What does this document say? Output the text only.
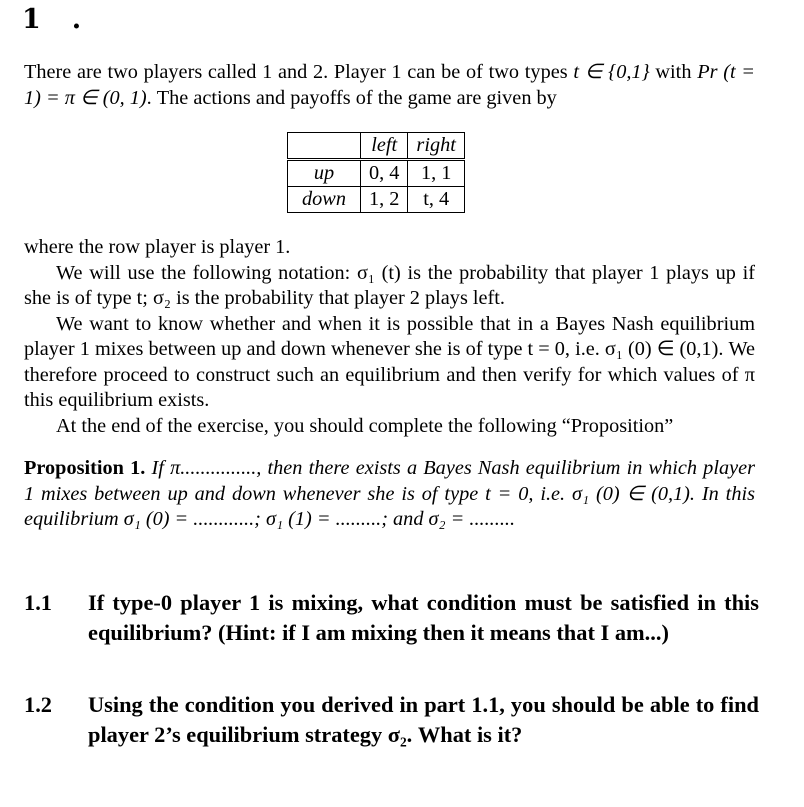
1 .

There are two players called 1 and 2. Player 1 can be of two types t ∈ {0,1} with Pr (t = 1) = π ∈ (0, 1). The actions and payoffs of the game are given by

	left	right
up	0, 4	1, 1
down	1, 2	t, 4

where the row player is player 1.

We will use the following notation: σ₁ (t) is the probability that player 1 plays up if she is of type t; σ₂ is the probability that player 2 plays left.

We want to know whether and when it is possible that in a Bayes Nash equilibrium player 1 mixes between up and down whenever she is of type t = 0, i.e. σ₁ (0) ∈ (0,1). We therefore proceed to construct such an equilibrium and then verify for which values of π this equilibrium exists.

At the end of the exercise, you should complete the following “Proposition”

Proposition 1. If π..............., then there exists a Bayes Nash equilibrium in which player 1 mixes between up and down whenever she is of type t = 0, i.e. σ₁ (0) ∈ (0,1). In this equilibrium σ₁ (0) = ............; σ₁ (1) = .........; and σ₂ = .........

1.1 If type-0 player 1 is mixing, what condition must be satisfied in this equilibrium? (Hint: if I am mixing then it means that I am...)
1.2 Using the condition you derived in part 1.1, you should be able to find player 2’s equilibrium strategy σ₂. What is it?
